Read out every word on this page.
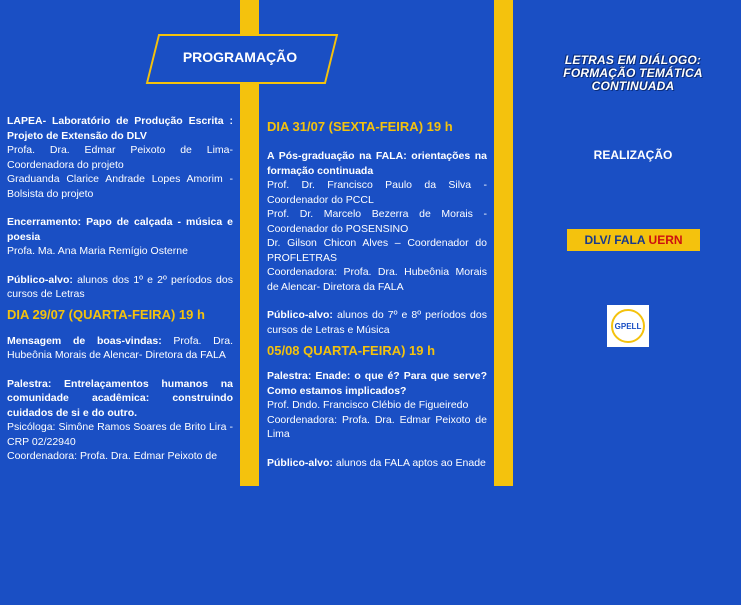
PROGRAMAÇÃO

LAPEA- Laboratório de Produção Escrita : Projeto de Extensão do DLV

Profa. Dra. Edmar Peixoto de Lima- Coordenadora do projeto

Graduanda Clarice Andrade Lopes Amorim - Bolsista do projeto

Encerramento: Papo de calçada - música e poesia

Profa. Ma. Ana Maria Remígio Osterne

Público-alvo: alunos dos 1º e 2º períodos dos cursos de Letras

DIA 29/07 (QUARTA-FEIRA) 19 h

Mensagem de boas-vindas: Profa. Dra. Hubeônia Morais de Alencar- Diretora da FALA

Palestra: Entrelaçamentos humanos na comunidade acadêmica: construindo cuidados de si e do outro.

Psicóloga: Simône Ramos Soares de Brito Lira - CRP 02/22940

Coordenadora: Profa. Dra. Edmar Peixoto de

DIA 31/07 (SEXTA-FEIRA) 19 h

A Pós-graduação na FALA: orientações na formação continuada

Prof. Dr. Francisco Paulo da Silva - Coordenador do PCCL

Prof. Dr. Marcelo Bezerra de Morais - Coordenador do POSENSINO

Dr. Gilson Chicon Alves – Coordenador do PROFLETRAS

Coordenadora: Profa. Dra. Hubeônia Morais de Alencar- Diretora da FALA

Público-alvo: alunos do 7º e 8º períodos dos cursos de Letras e Música

05/08 QUARTA-FEIRA) 19 h

Palestra: Enade: o que é? Para que serve? Como estamos implicados?

Prof. Dndo. Francisco Clébio de Figueiredo

Coordenadora: Profa. Dra. Edmar Peixoto de Lima

Público-alvo: alunos da FALA aptos ao Enade

LETRAS EM DIÁLOGO: FORMAÇÃO TEMÁTICA CONTINUADA
REALIZAÇÃO
DLV/ FALA UERN
GPELL
